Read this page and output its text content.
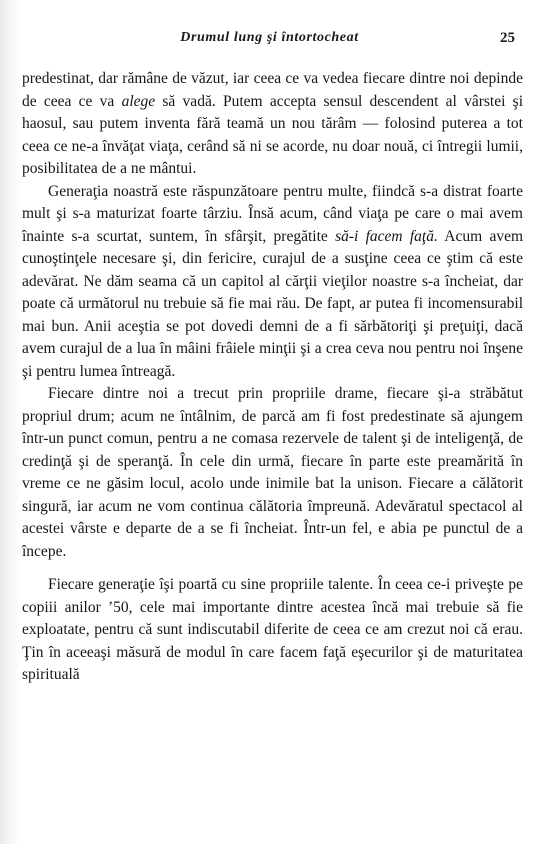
Drumul lung şi întortocheat	25

predestinat, dar rămâne de văzut, iar ceea ce va vedea fiecare dintre noi depinde de ceea ce va alege să vadă. Putem accepta sensul descendent al vârstei şi haosul, sau putem inventa fără teamă un nou tărâm — folosind puterea a tot ceea ce ne-a învăţat viaţa, cerând să ni se acorde, nu doar nouă, ci întregii lumii, posibilitatea de a ne mântui.

Generaţia noastră este răspunzătoare pentru multe, fiindcă s-a distrat foarte mult şi s-a maturizat foarte târziu. Însă acum, când viaţa pe care o mai avem înainte s-a scurtat, suntem, în sfârşit, pregătite să-i facem faţă. Acum avem cunoştinţele necesare şi, din fericire, curajul de a susţine ceea ce ştim că este adevărat. Ne dăm seama că un capitol al cărţii vieţilor noastre s-a încheiat, dar poate că următorul nu trebuie să fie mai rău. De fapt, ar putea fi incomensurabil mai bun. Anii aceştia se pot dovedi demni de a fi sărbătoriţi şi preţuiţi, dacă avem curajul de a lua în mâini frâiele minţii şi a crea ceva nou pentru noi înşene şi pentru lumea întreagă.

Fiecare dintre noi a trecut prin propriile drame, fiecare şi-a străbătut propriul drum; acum ne întâlnim, de parcă am fi fost predestinate să ajungem într-un punct comun, pentru a ne comasa rezervele de talent şi de inteligenţă, de credinţă şi de speranţă. În cele din urmă, fiecare în parte este preamărită în vreme ce ne găsim locul, acolo unde inimile bat la unison. Fiecare a călătorit singură, iar acum ne vom continua călătoria împreună. Adevăratul spectacol al acestei vârste e departe de a se fi încheiat. Într-un fel, e abia pe punctul de a începe.

Fiecare generaţie îşi poartă cu sine propriile talente. În ceea ce-i priveşte pe copiii anilor ’50, cele mai importante dintre acestea încă mai trebuie să fie exploatate, pentru că sunt indiscutabil diferite de ceea ce am crezut noi că erau. Ţin în aceeaşi măsură de modul în care facem faţă eşecurilor şi de maturitatea spirituală
